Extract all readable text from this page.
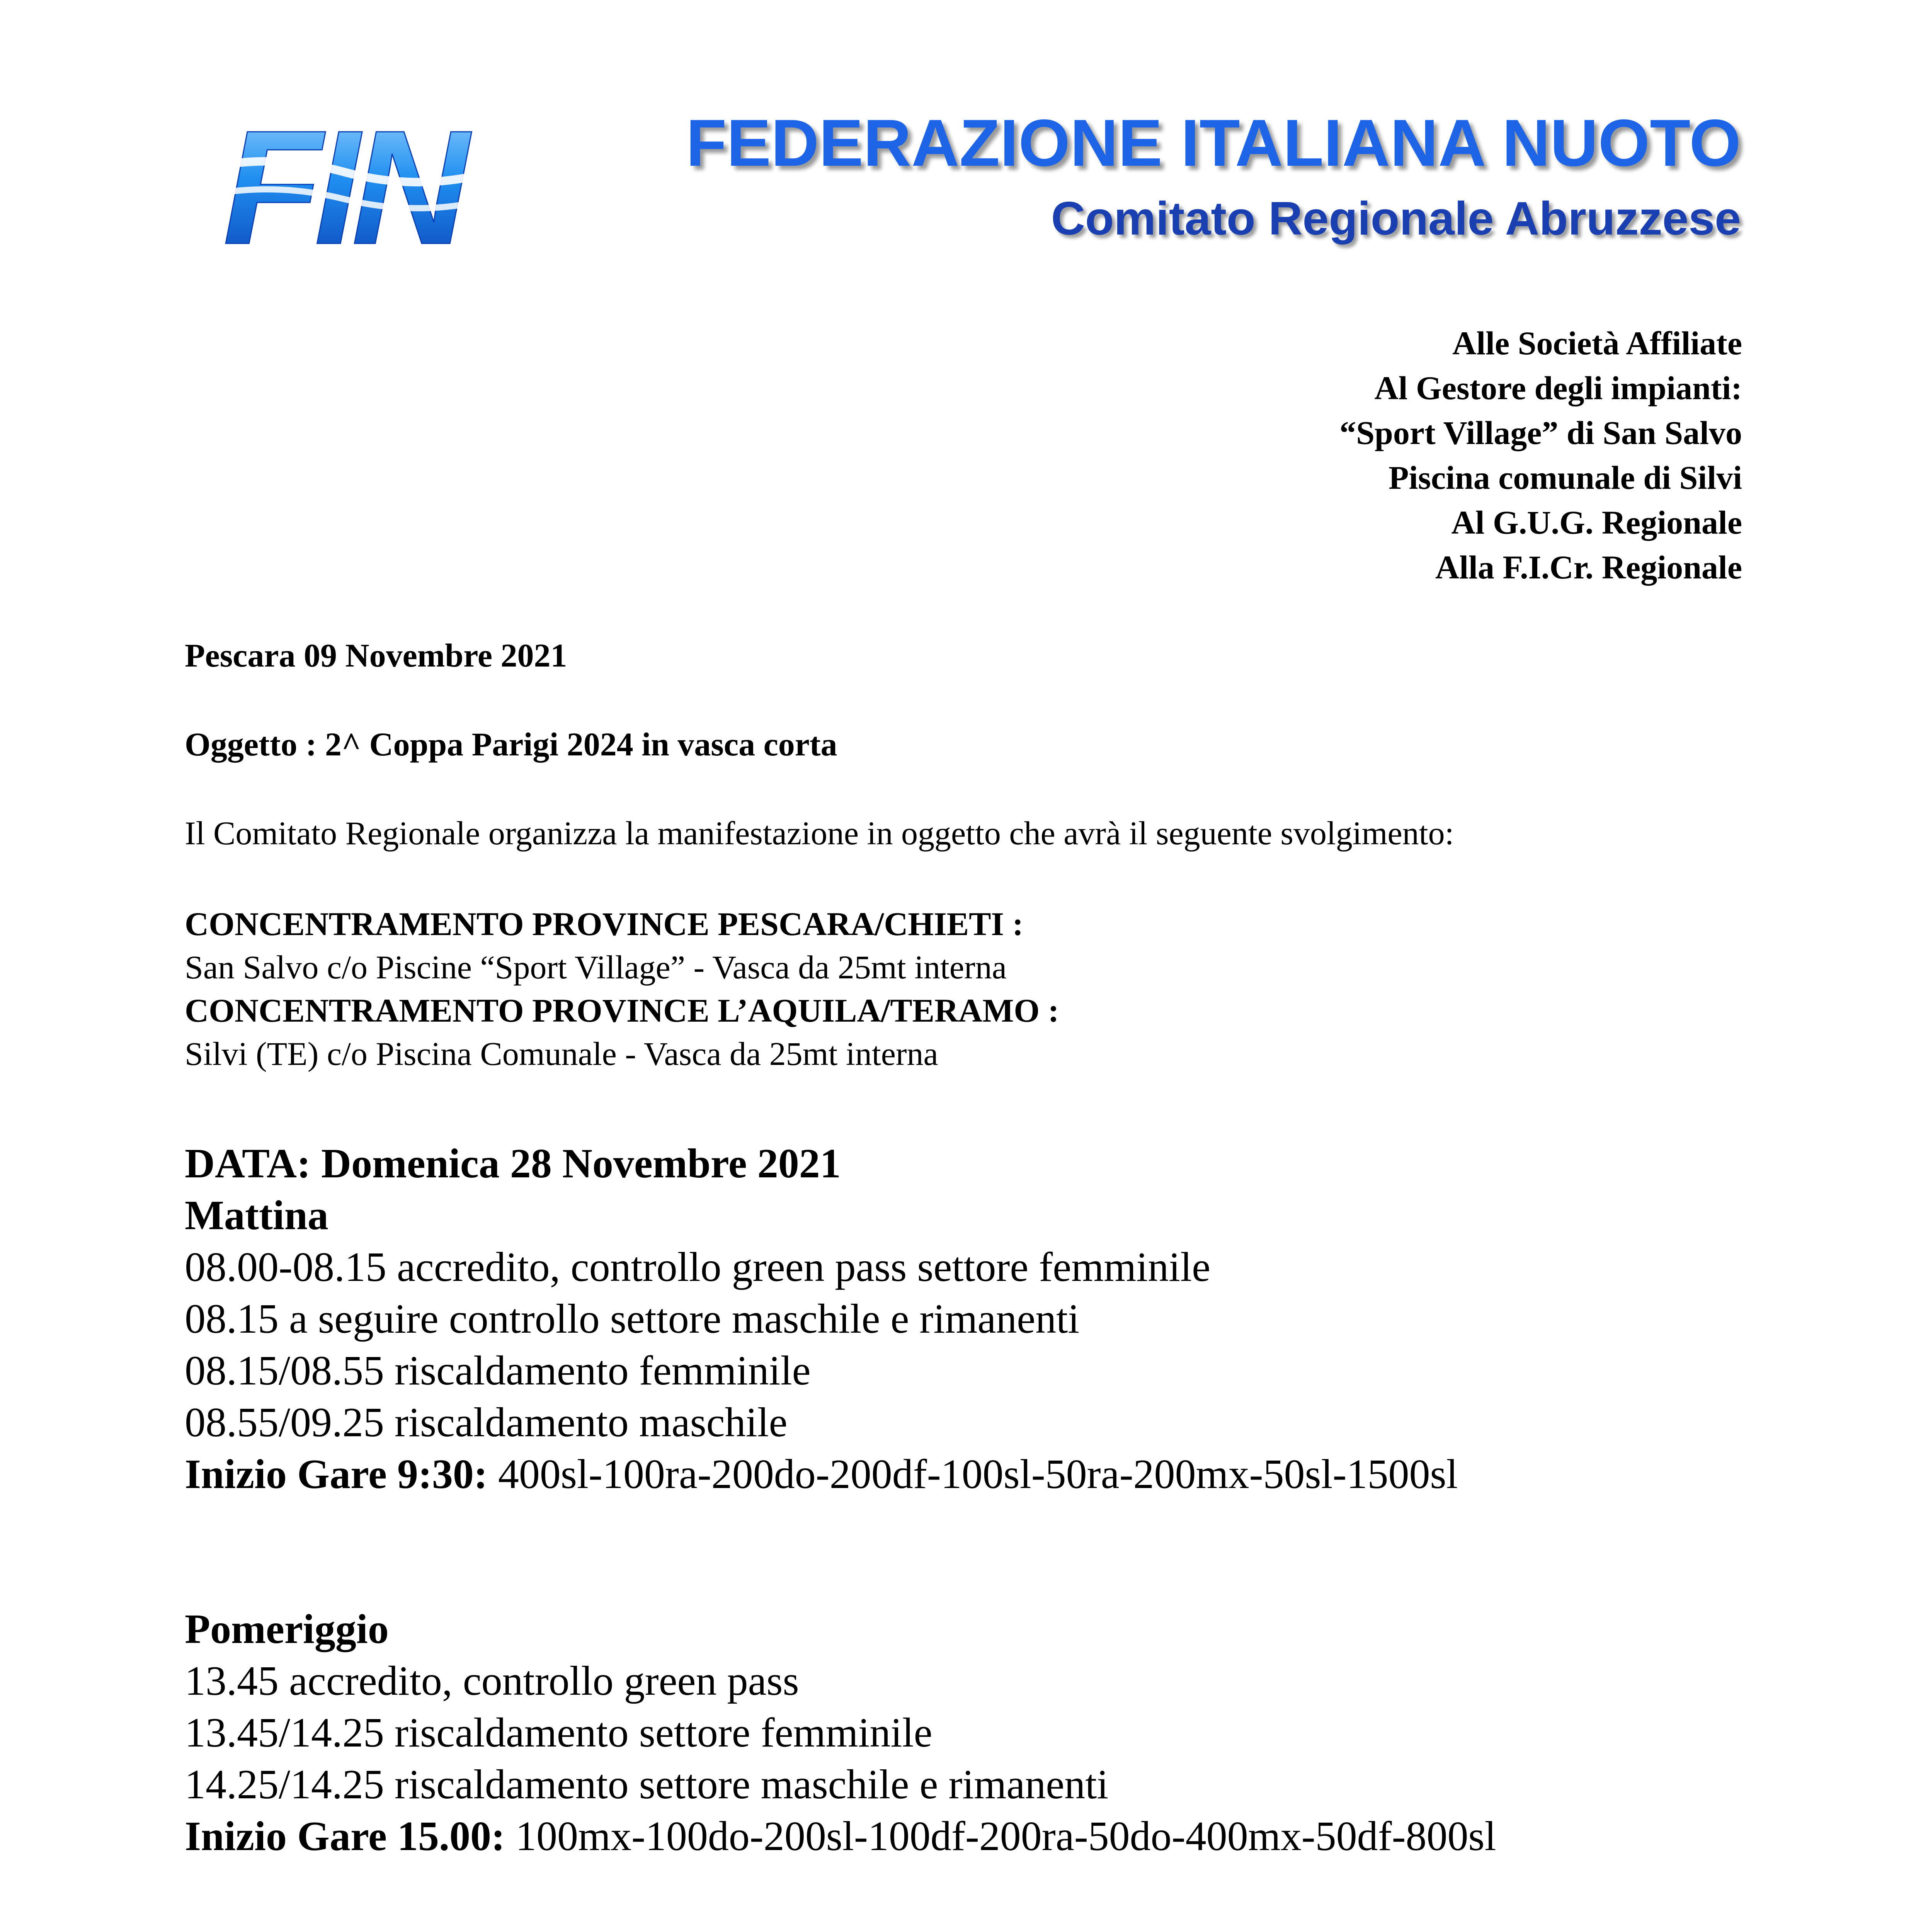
FIN	FEDERAZIONE ITALIANA NUOTO
Comitato Regionale Abruzzese
Alle Società Affiliate
Al Gestore degli impianti:
“Sport Village” di San Salvo
Piscina comunale di Silvi
Al G.U.G. Regionale
Alla F.I.Cr. Regionale
Pescara 09 Novembre 2021
Oggetto : 2^ Coppa Parigi 2024 in vasca corta
Il Comitato Regionale organizza la manifestazione in oggetto che avrà il seguente svolgimento:
CONCENTRAMENTO PROVINCE PESCARA/CHIETI :
San Salvo c/o Piscine “Sport Village” - Vasca da 25mt interna
CONCENTRAMENTO PROVINCE L’AQUILA/TERAMO :
Silvi (TE) c/o Piscina Comunale - Vasca da 25mt interna
DATA: Domenica 28 Novembre 2021
Mattina
08.00-08.15 accredito, controllo green pass settore femminile
08.15 a seguire controllo settore maschile e rimanenti
08.15/08.55 riscaldamento femminile
08.55/09.25 riscaldamento maschile
Inizio Gare 9:30: 400sl-100ra-200do-200df-100sl-50ra-200mx-50sl-1500sl
Pomeriggio
13.45 accredito, controllo green pass
13.45/14.25 riscaldamento settore femminile
14.25/14.25 riscaldamento settore maschile e rimanenti
Inizio Gare 15.00: 100mx-100do-200sl-100df-200ra-50do-400mx-50df-800sl
